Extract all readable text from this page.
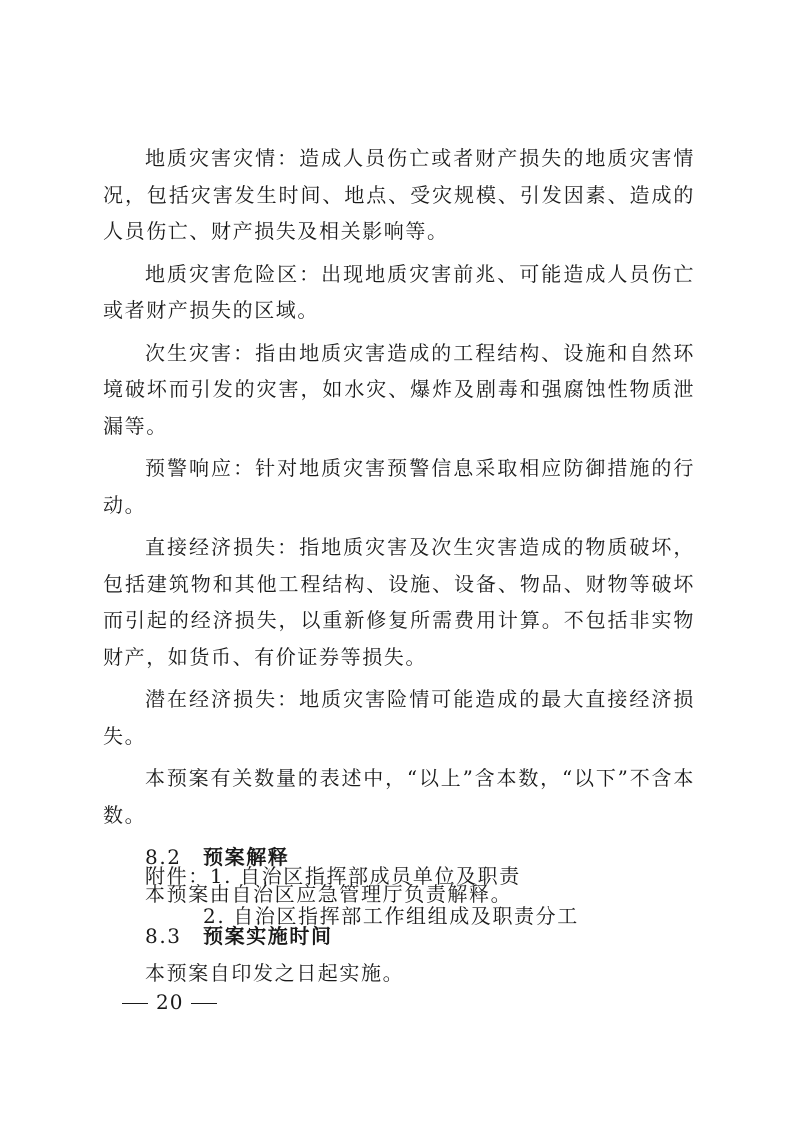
地质灾害灾情：造成人员伤亡或者财产损失的地质灾害情况，包括灾害发生时间、地点、受灾规模、引发因素、造成的人员伤亡、财产损失及相关影响等。

地质灾害危险区：出现地质灾害前兆、可能造成人员伤亡或者财产损失的区域。

次生灾害：指由地质灾害造成的工程结构、设施和自然环境破坏而引发的灾害，如水灾、爆炸及剧毒和强腐蚀性物质泄漏等。

预警响应：针对地质灾害预警信息采取相应防御措施的行动。

直接经济损失：指地质灾害及次生灾害造成的物质破坏，包括建筑物和其他工程结构、设施、设备、物品、财物等破坏而引起的经济损失，以重新修复所需费用计算。不包括非实物财产，如货币、有价证券等损失。

潜在经济损失：地质灾害险情可能造成的最大直接经济损失。

本预案有关数量的表述中，“以上”含本数，“以下”不含本数。

8.2 预案解释

本预案由自治区应急管理厅负责解释。

8.3 预案实施时间

本预案自印发之日起实施。

附件：1. 自治区指挥部成员单位及职责

2. 自治区指挥部工作组组成及职责分工

20
